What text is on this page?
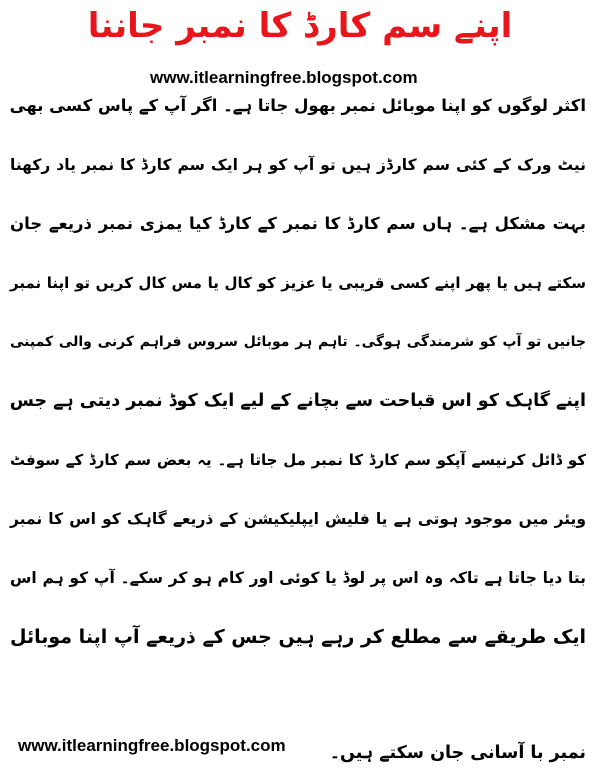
اپنے سم کارڈ کا نمبر جاننا
www.itlearningfree.blogspot.com
اکثر لوگوں کو اپنا موبائل نمبر بھول جاتا ہے۔ اگر آپ کے پاس کسی بھی
نیٹ ورک کے کئی سم کارڈز ہیں تو آپ کو ہر ایک سم کارڈ کا نمبر یاد رکھنا
بہت مشکل ہے۔ ہاں سم کارڈ کا نمبر کے کارڈ کیا یمزی نمبر ذریعے جان
سکتے ہیں یا پھر اپنے کسی قریبی یا عزیز کو کال یا مس کال کریں تو اپنا نمبر
جانیں تو آپ کو شرمندگی ہوگی۔ تاہم ہر موبائل سروس فراہم کرنی والی کمپنی
اپنے گاہک کو اس قباحت سے بچانے کے لیے ایک کوڈ نمبر دیتی ہے جس
کو ڈائل کرنیسے آپکو سم کارڈ کا نمبر مل جاتا ہے۔ یہ بعض سم کارڈ کے سوفٹ
ویئر میں موجود ہوتی ہے یا فلیش ایپلیکیشن کے ذریعے گاہک کو اس کا نمبر
بتا دیا جاتا ہے تاکہ وہ اس پر لوڈ یا کوئی اور کام ہو کر سکے۔ آپ کو ہم اس
ایک طریقے سے مطلع کر رہے ہیں جس کے ذریعے آپ اپنا موبائل
نمبر با آسانی جان سکتے ہیں۔
www.itlearningfree.blogspot.com
